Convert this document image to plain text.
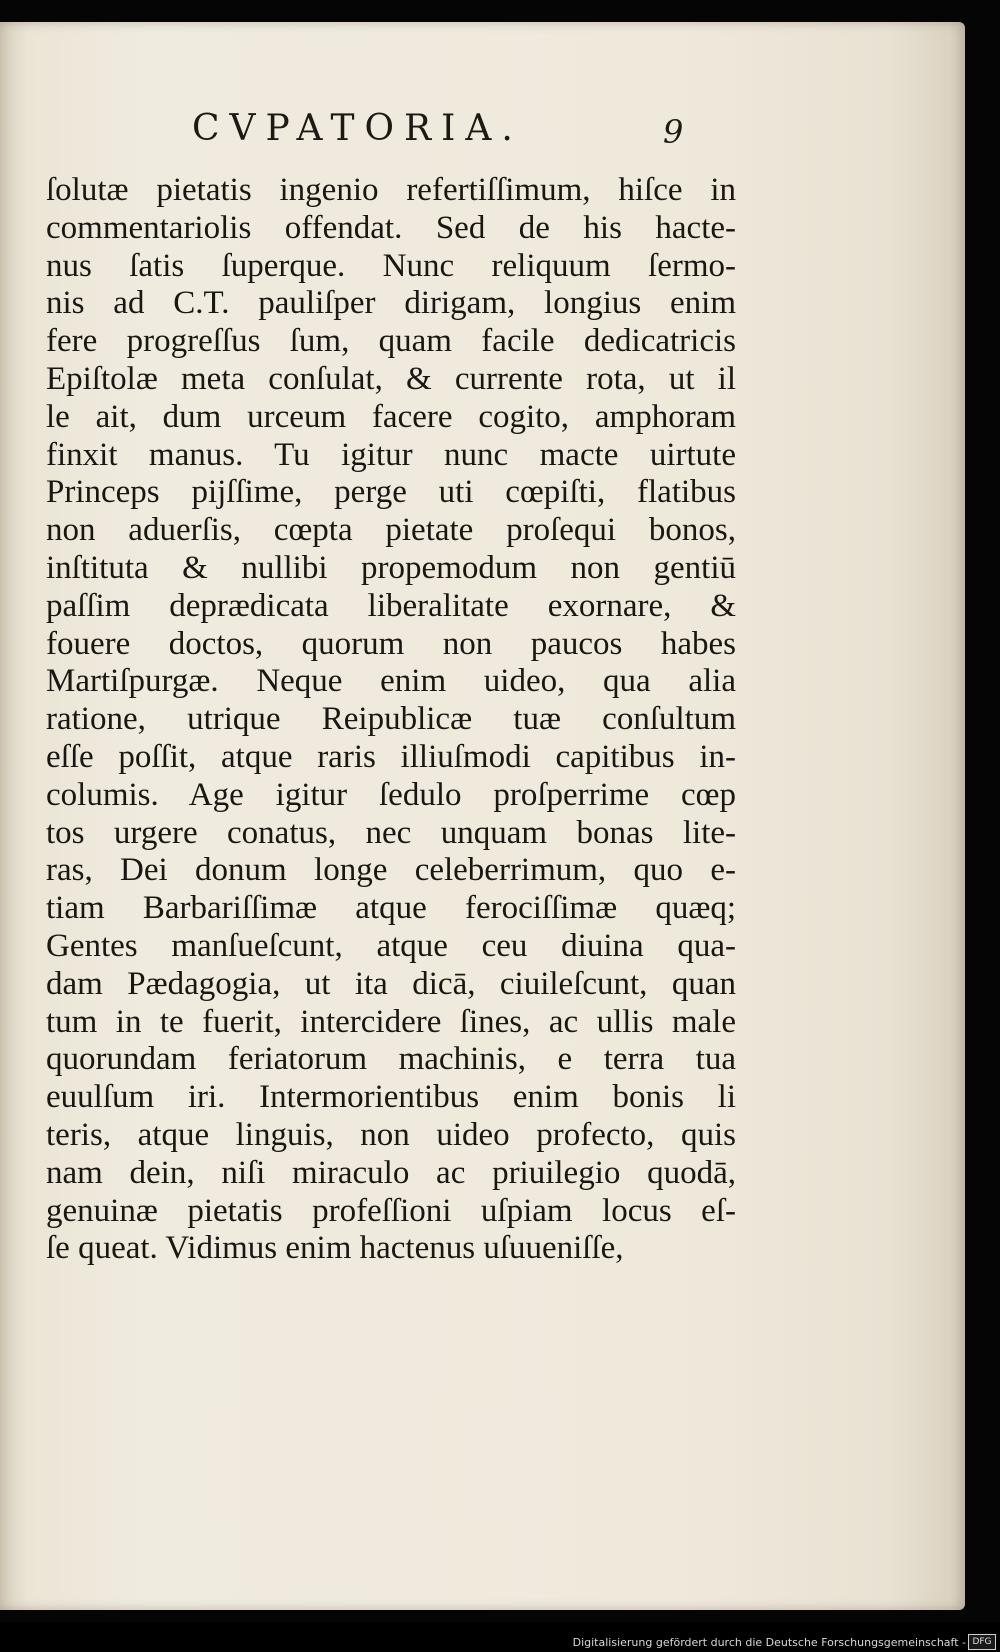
CVPATORIA.	9
ſolutæ pietatis ingenio refertiſſimum, hiſce in
commentariolis offendat. Sed de his hacte-
nus ſatis ſuperque. Nunc reliquum ſermo-
nis ad C.T. pauliſper dirigam, longius enim
fere progreſſus ſum, quam facile dedicatricis
Epiſtolæ meta conſulat, & currente rota, ut il
le ait, dum urceum facere cogito, amphoram
finxit manus. Tu igitur nunc macte uirtute
Princeps pijſſime, perge uti cœpiſti, flatibus
non aduerſis, cœpta pietate proſequi bonos,
inſtituta & nullibi propemodum non gentiū
paſſim deprædicata liberalitate exornare, &
fouere doctos, quorum non paucos habes
Martiſpurgæ. Neque enim uideo, qua alia
ratione, utrique Reipublicæ tuæ conſultum
eſſe poſſit, atque raris illiuſmodi capitibus in-
columis. Age igitur ſedulo proſperrime cœp
tos urgere conatus, nec unquam bonas lite-
ras, Dei donum longe celeberrimum, quo e-
tiam Barbariſſimæ atque ferociſſimæ quæq;
Gentes manſueſcunt, atque ceu diuina qua-
dam Pædagogia, ut ita dicā, ciuileſcunt, quan
tum in te fuerit, intercidere ſines, ac ullis male
quorundam feriatorum machinis, e terra tua
euulſum iri. Intermorientibus enim bonis li
teris, atque linguis, non uideo profecto, quis
nam dein, niſi miraculo ac priuilegio quodā,
genuinæ pietatis profeſſioni uſpiam locus eſ-
ſe queat. Vidimus enim hactenus uſuueniſſe,
Digitalisierung gefördert durch die Deutsche Forschungsgemeinschaft - DFG
